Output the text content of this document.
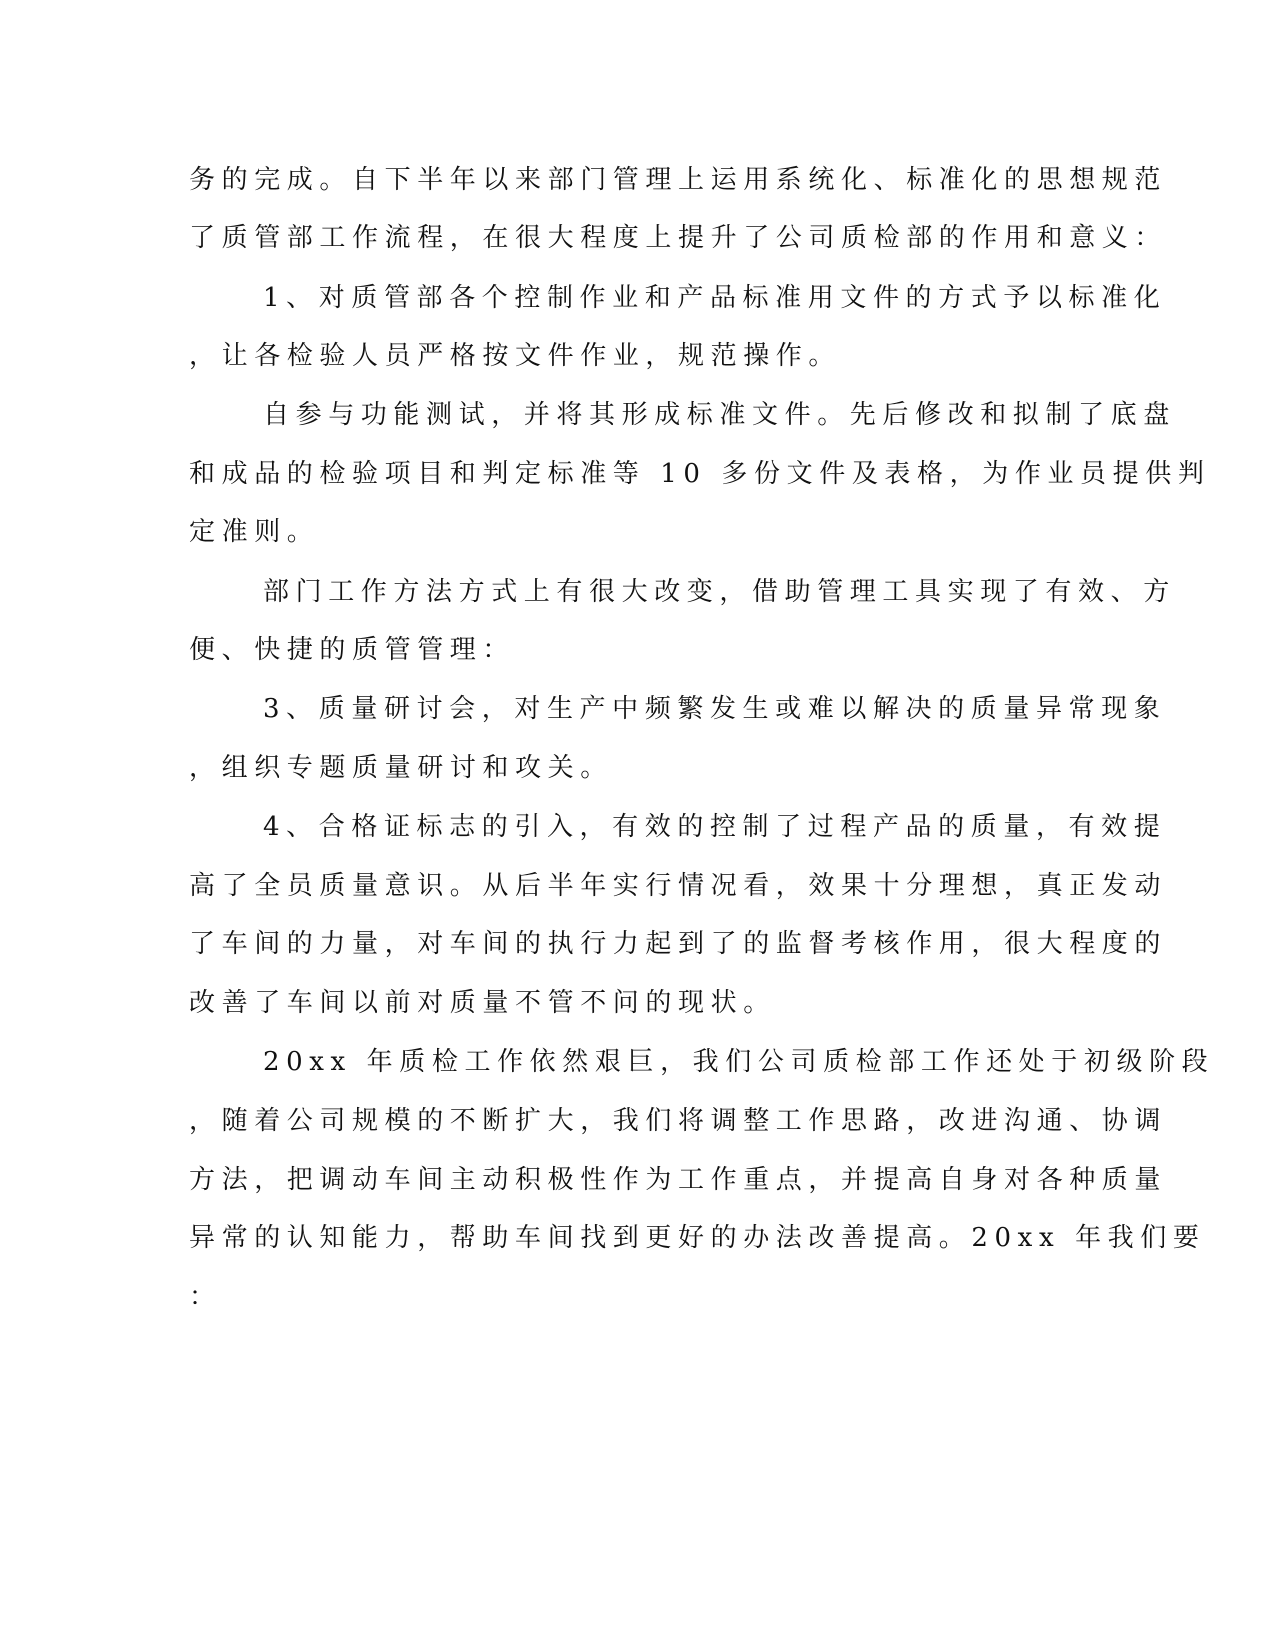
务的完成。自下半年以来部门管理上运用系统化、标准化的思想规范
了质管部工作流程，在很大程度上提升了公司质检部的作用和意义：
1、对质管部各个控制作业和产品标准用文件的方式予以标准化
，让各检验人员严格按文件作业，规范操作。
自参与功能测试，并将其形成标准文件。先后修改和拟制了底盘
和成品的检验项目和判定标准等 10 多份文件及表格，为作业员提供判
定准则。
部门工作方法方式上有很大改变，借助管理工具实现了有效、方
便、快捷的质管管理：
3、质量研讨会，对生产中频繁发生或难以解决的质量异常现象
，组织专题质量研讨和攻关。
4、合格证标志的引入，有效的控制了过程产品的质量，有效提
高了全员质量意识。从后半年实行情况看，效果十分理想，真正发动
了车间的力量，对车间的执行力起到了的监督考核作用，很大程度的
改善了车间以前对质量不管不问的现状。
20xx 年质检工作依然艰巨，我们公司质检部工作还处于初级阶段
，随着公司规模的不断扩大，我们将调整工作思路，改进沟通、协调
方法，把调动车间主动积极性作为工作重点，并提高自身对各种质量
异常的认知能力，帮助车间找到更好的办法改善提高。20xx 年我们要
：
